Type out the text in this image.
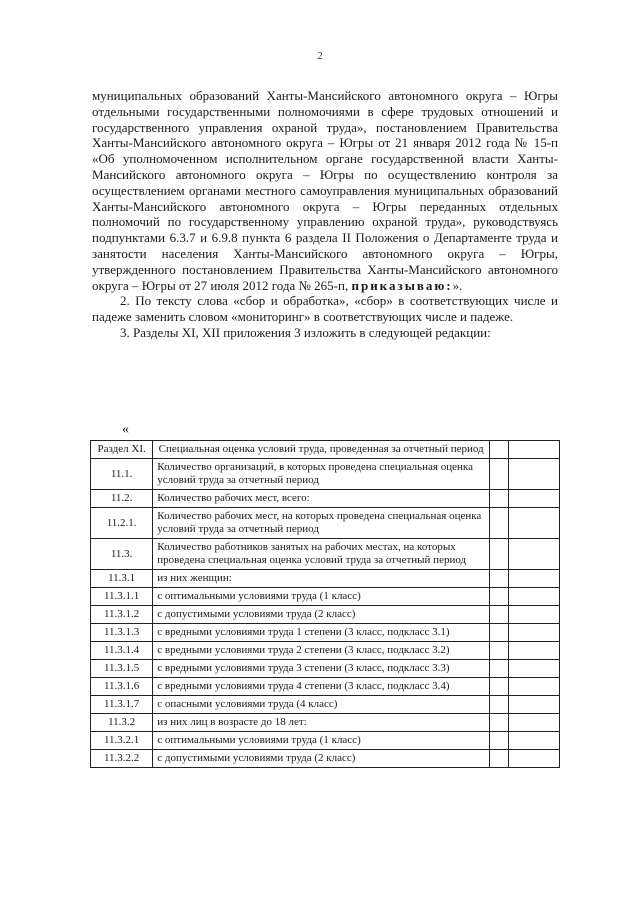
2

муниципальных образований Ханты-Мансийского автономного округа – Югры отдельными государственными полномочиями в сфере трудовых отношений и государственного управления охраной труда», постановлением Правительства Ханты-Мансийского автономного округа – Югры от 21 января 2012 года № 15-п «Об уполномоченном исполнительном органе государственной власти Ханты-Мансийского автономного округа – Югры по осуществлению контроля за осуществлением органами местного самоуправления муниципальных образований Ханты-Мансийского автономного округа – Югры переданных отдельных полномочий по государственному управлению охраной труда», руководствуясь подпунктами 6.3.7 и 6.9.8 пункта 6 раздела II Положения о Департаменте труда и занятости населения Ханты-Мансийского автономного округа – Югры, утвержденного постановлением Правительства Ханты-Мансийского автономного округа – Югры от 27 июля 2012 года № 265-п, приказываю:».

2. По тексту слова «сбор и обработка», «сбор» в соответствующих числе и падеже заменить словом «мониторинг» в соответствующих числе и падеже.

3. Разделы XI, XII приложения 3 изложить в следующей редакции:

«
Раздел XI.	Специальная оценка условий труда, проведенная за отчетный период		
11.1.	Количество организаций, в которых проведена специальная оценка условий труда за отчетный период		
11.2.	Количество рабочих мест, всего:		
11.2.1.	Количество рабочих мест, на которых проведена специальная оценка условий труда за отчетный период		
11.3.	Количество работников занятых на рабочих местах, на которых проведена специальная оценка условий труда за отчетный период		
11.3.1	из них женщин:		
11.3.1.1	с оптимальными условиями труда (1 класс)		
11.3.1.2	с допустимыми условиями труда (2 класс)		
11.3.1.3	с вредными условиями труда 1 степени (3 класс, подкласс 3.1)		
11.3.1.4	с вредными условиями труда 2 степени (3 класс, подкласс 3.2)		
11.3.1.5	с вредными условиями труда 3 степени (3 класс, подкласс 3.3)		
11.3.1.6	с вредными условиями труда 4 степени (3 класс, подкласс 3.4)		
11.3.1.7	с опасными условиями труда (4 класс)		
11.3.2	из них лиц в возрасте до 18 лет:		
11.3.2.1	с оптимальными условиями труда (1 класс)		
11.3.2.2	с допустимыми условиями труда (2 класс)		
